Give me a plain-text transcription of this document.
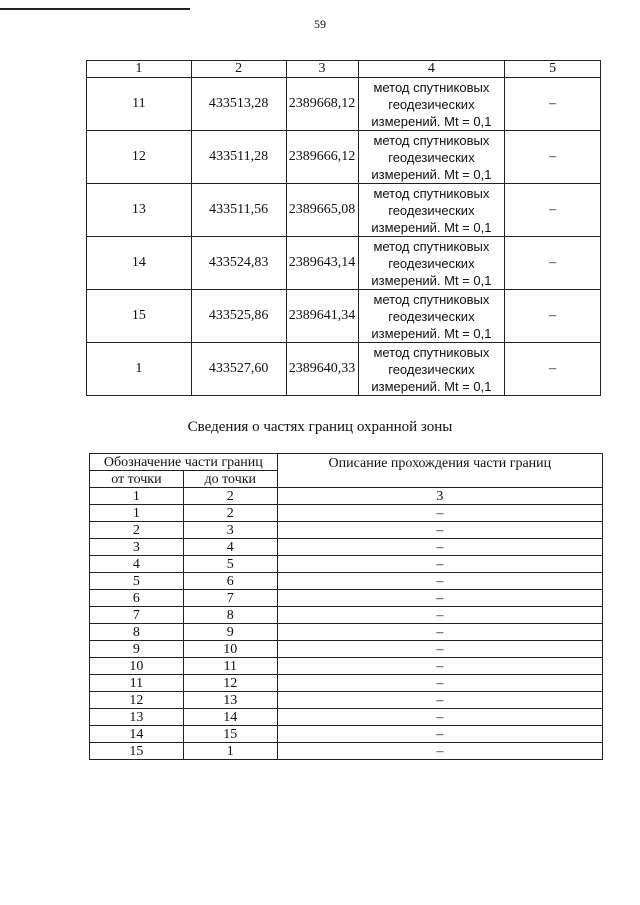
59
1	2	3	4	5
11	433513,28	2389668,12	метод спутниковых
геодезических
измерений. Mt = 0,1	–
12	433511,28	2389666,12	метод спутниковых
геодезических
измерений. Mt = 0,1	–
13	433511,56	2389665,08	метод спутниковых
геодезических
измерений. Mt = 0,1	–
14	433524,83	2389643,14	метод спутниковых
геодезических
измерений. Mt = 0,1	–
15	433525,86	2389641,34	метод спутниковых
геодезических
измерений. Mt = 0,1	–
1	433527,60	2389640,33	метод спутниковых
геодезических
измерений. Mt = 0,1	–
Сведения о частях границ охранной зоны
Обозначение части границ		Описание прохождения части границ
от точки	до точки	
1	2	3
1	2	–
2	3	–
3	4	–
4	5	–
5	6	–
6	7	–
7	8	–
8	9	–
9	10	–
10	11	–
11	12	–
12	13	–
13	14	–
14	15	–
15	1	–
